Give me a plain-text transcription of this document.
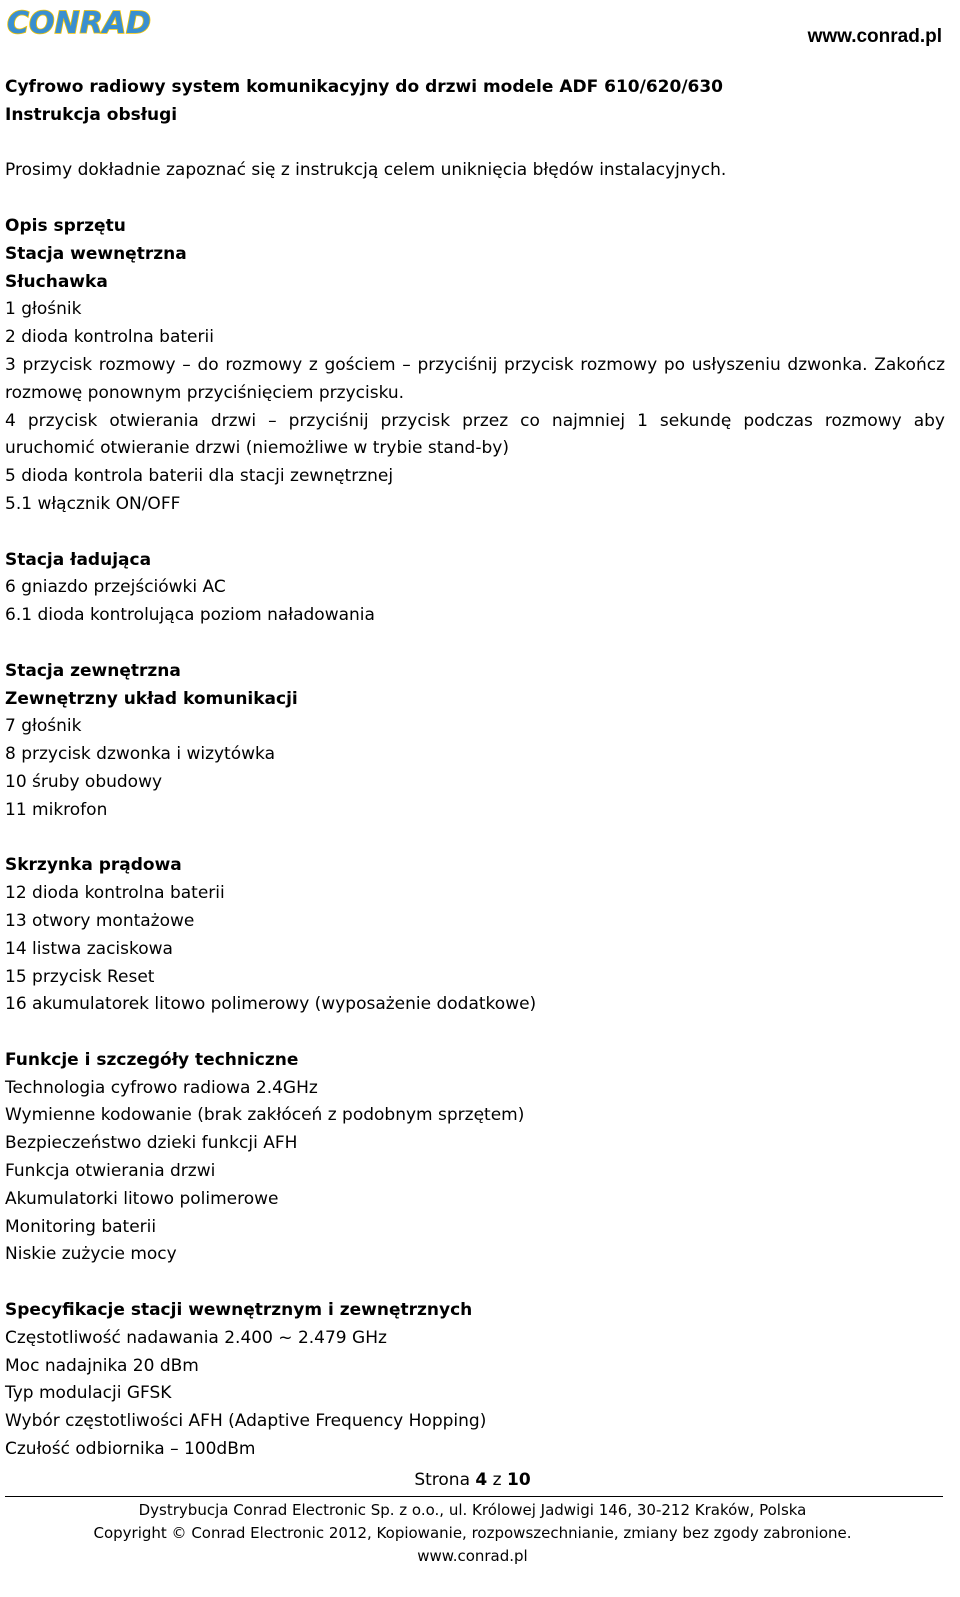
CONRAD	www.conrad.pl
Cyfrowo radiowy system komunikacyjny do drzwi modele ADF 610/620/630
Instrukcja obsługi
Prosimy dokładnie zapoznać się z instrukcją celem uniknięcia błędów instalacyjnych.
Opis sprzętu
Stacja wewnętrzna
Słuchawka
1 głośnik
2 dioda kontrolna baterii
3 przycisk rozmowy – do rozmowy z gościem – przyciśnij przycisk rozmowy po usłyszeniu dzwonka. Zakończ rozmowę ponownym przyciśnięciem przycisku.
4 przycisk otwierania drzwi – przyciśnij przycisk przez co najmniej 1 sekundę podczas rozmowy aby uruchomić otwieranie drzwi (niemożliwe w trybie stand-by)
5 dioda kontrola baterii dla stacji zewnętrznej
5.1 włącznik ON/OFF
Stacja ładująca
6 gniazdo przejściówki AC
6.1 dioda kontrolująca poziom naładowania
Stacja zewnętrzna
Zewnętrzny układ komunikacji
7 głośnik
8 przycisk dzwonka i wizytówka
10 śruby obudowy
11 mikrofon
Skrzynka prądowa
12 dioda kontrolna baterii
13 otwory montażowe
14 listwa zaciskowa
15 przycisk Reset
16 akumulatorek litowo polimerowy (wyposażenie dodatkowe)
Funkcje i szczegóły techniczne
Technologia cyfrowo radiowa 2.4GHz
Wymienne kodowanie (brak zakłóceń z podobnym sprzętem)
Bezpieczeństwo dzieki funkcji AFH
Funkcja otwierania drzwi
Akumulatorki litowo polimerowe
Monitoring baterii
Niskie zużycie mocy
Specyfikacje stacji wewnętrznym i zewnętrznych
Częstotliwość nadawania 2.400 ~ 2.479 GHz
Moc nadajnika 20 dBm
Typ modulacji GFSK
Wybór częstotliwości AFH (Adaptive Frequency Hopping)
Czułość odbiornika – 100dBm
Strona 4 z 10
Dystrybucja Conrad Electronic Sp. z o.o., ul. Królowej Jadwigi 146, 30-212 Kraków, Polska
Copyright © Conrad Electronic 2012, Kopiowanie, rozpowszechnianie, zmiany bez zgody zabronione.
www.conrad.pl
